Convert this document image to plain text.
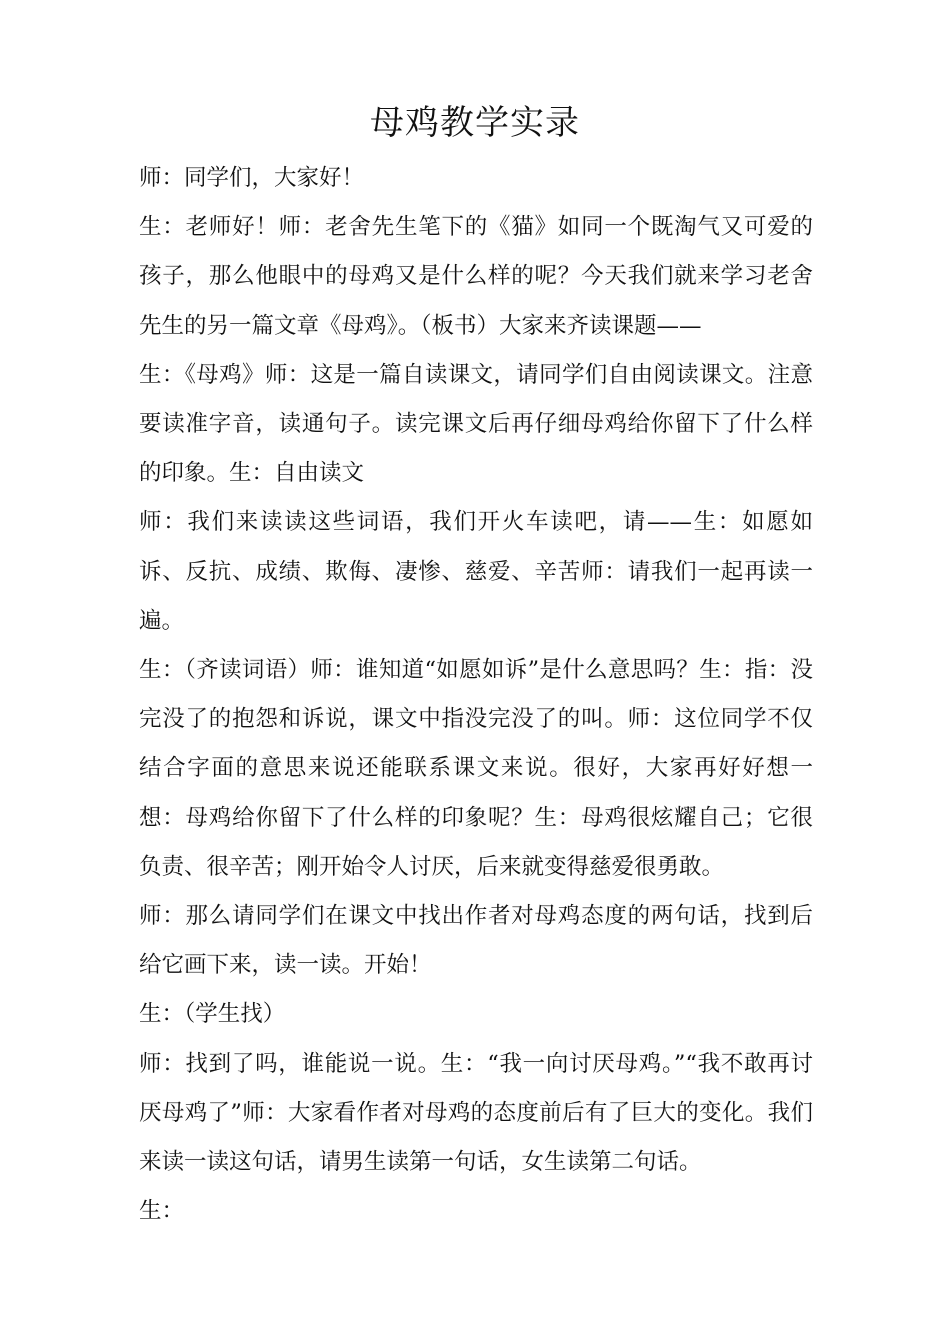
母鸡教学实录

师：同学们，大家好！

生：老师好！师：老舍先生笔下的《猫》如同一个既淘气又可爱的孩子，那么他眼中的母鸡又是什么样的呢？今天我们就来学习老舍先生的另一篇文章《母鸡》。（板书）大家来齐读课题——

生：《母鸡》师：这是一篇自读课文，请同学们自由阅读课文。注意要读准字音，读通句子。读完课文后再仔细母鸡给你留下了什么样的印象。生：自由读文

师：我们来读读这些词语，我们开火车读吧，请——生：如愿如诉、反抗、成绩、欺侮、凄惨、慈爱、辛苦师：请我们一起再读一遍。

生：（齐读词语）师：谁知道“如愿如诉”是什么意思吗？生：指：没完没了的抱怨和诉说，课文中指没完没了的叫。师：这位同学不仅结合字面的意思来说还能联系课文来说。很好，大家再好好想一想：母鸡给你留下了什么样的印象呢？生：母鸡很炫耀自己；它很负责、很辛苦；刚开始令人讨厌，后来就变得慈爱很勇敢。

师：那么请同学们在课文中找出作者对母鸡态度的两句话，找到后给它画下来，读一读。开始！

生：（学生找）

师：找到了吗，谁能说一说。生：“我一向讨厌母鸡。”“我不敢再讨厌母鸡了”师：大家看作者对母鸡的态度前后有了巨大的变化。我们来读一读这句话，请男生读第一句话，女生读第二句话。

生：
